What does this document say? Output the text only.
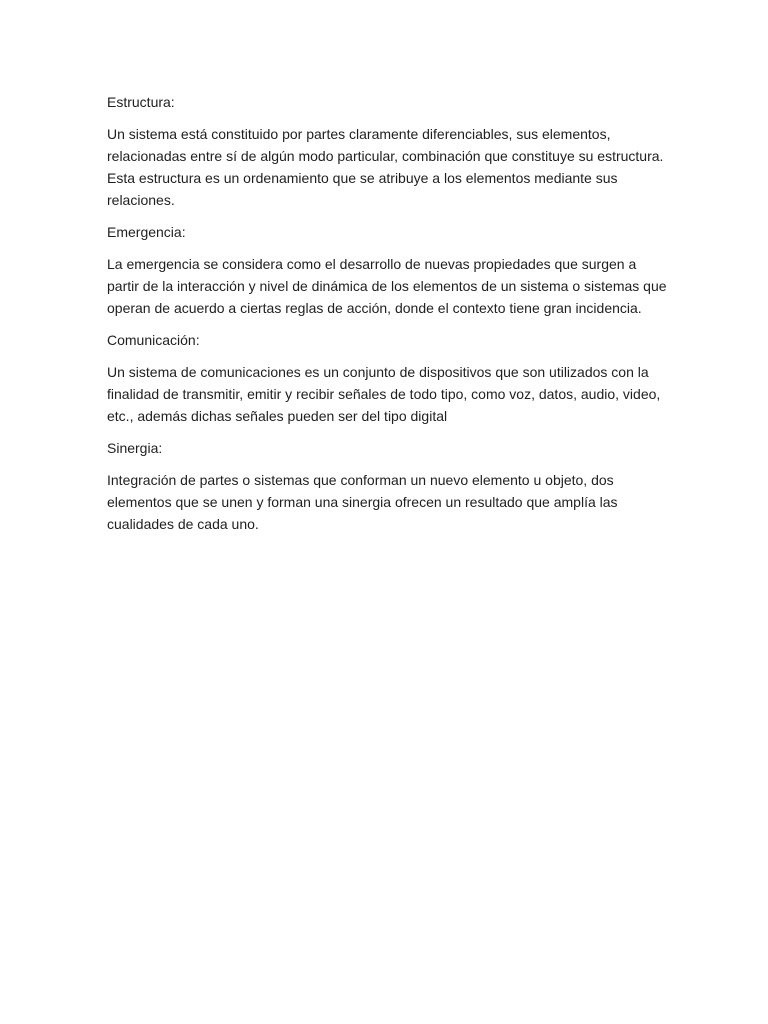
Estructura:

Un sistema está constituido por partes claramente diferenciables, sus elementos, relacionadas entre sí de algún modo particular, combinación que constituye su estructura. Esta estructura es un ordenamiento que se atribuye a los elementos mediante sus relaciones.

Emergencia:

La emergencia se considera como el desarrollo de nuevas propiedades que surgen a partir de la interacción y nivel de dinámica de los elementos de un sistema o sistemas que operan de acuerdo a ciertas reglas de acción, donde el contexto tiene gran incidencia.

Comunicación:

Un sistema de comunicaciones es un conjunto de dispositivos que son utilizados con la finalidad de transmitir, emitir y recibir señales de todo tipo, como voz, datos, audio, video, etc., además dichas señales pueden ser del tipo digital

Sinergia:

Integración de partes o sistemas que conforman un nuevo elemento u objeto, dos elementos que se unen y forman una sinergia ofrecen un resultado que amplía las cualidades de cada uno.
